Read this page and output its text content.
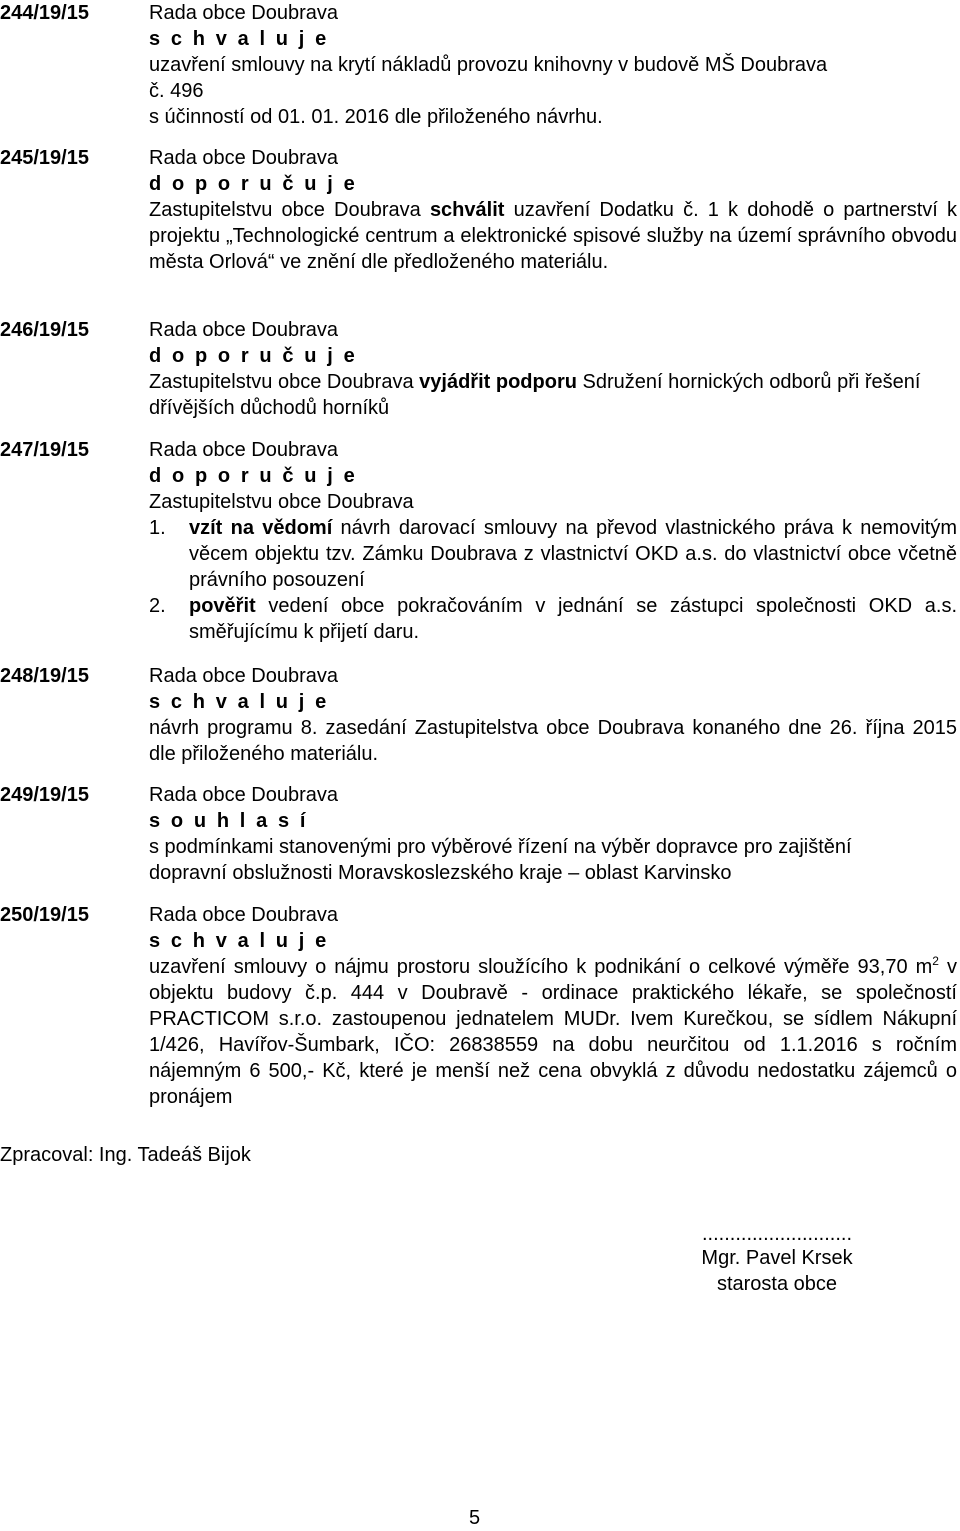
244/19/15	Rada obce Doubrava
s c h v a l u j e
uzavření smlouvy na krytí nákladů provozu knihovny v budově MŠ Doubrava
č. 496
s účinností od 01. 01. 2016 dle přiloženého návrhu.
245/19/15	Rada obce Doubrava
d o p o r u č u j e
Zastupitelstvu obce Doubrava schválit uzavření Dodatku č. 1 k dohodě o partnerství k projektu „Technologické centrum a elektronické spisové služby na území správního obvodu města Orlová“ ve znění dle předloženého materiálu.
246/19/15	Rada obce Doubrava
d o p o r u č u j e
Zastupitelstvu obce Doubrava vyjádřit podporu Sdružení hornických odborů při řešení dřívějších důchodů horníků
247/19/15	Rada obce Doubrava
d o p o r u č u j e
Zastupitelstvu obce Doubrava
1. vzít na vědomí návrh darovací smlouvy na převod vlastnického práva k nemovitým věcem objektu tzv. Zámku Doubrava z vlastnictví OKD a.s. do vlastnictví obce včetně právního posouzení
2. pověřit vedení obce pokračováním v jednání se zástupci společnosti OKD a.s. směřujícímu k přijetí daru.
248/19/15	Rada obce Doubrava
s c h v a l u j e
návrh programu 8. zasedání Zastupitelstva obce Doubrava konaného dne 26. října 2015 dle přiloženého materiálu.
249/19/15	Rada obce Doubrava
s o u h l a s í
s podmínkami stanovenými pro výběrové řízení na výběr dopravce pro zajištění dopravní obslužnosti Moravskoslezského kraje – oblast Karvinsko
250/19/15	Rada obce Doubrava
s c h v a l u j e
uzavření smlouvy o nájmu prostoru sloužícího k podnikání o celkové výměře 93,70 $m^2$ v objektu budovy č.p. 444 v Doubravě - ordinace praktického lékaře, se společností PRACTICOM s.r.o. zastoupenou jednatelem MUDr. Ivem Kurečkou, se sídlem Nákupní 1/426, Havířov-Šumbark, IČO: 26838559 na dobu neurčitou od 1.1.2016 s ročním nájemným 6 500,- Kč, které je menší než cena obvyklá z důvodu nedostatku zájemců o pronájem
Zpracoval: Ing. Tadeáš Bijok
...........................
Mgr. Pavel Krsek
starosta obce
5
